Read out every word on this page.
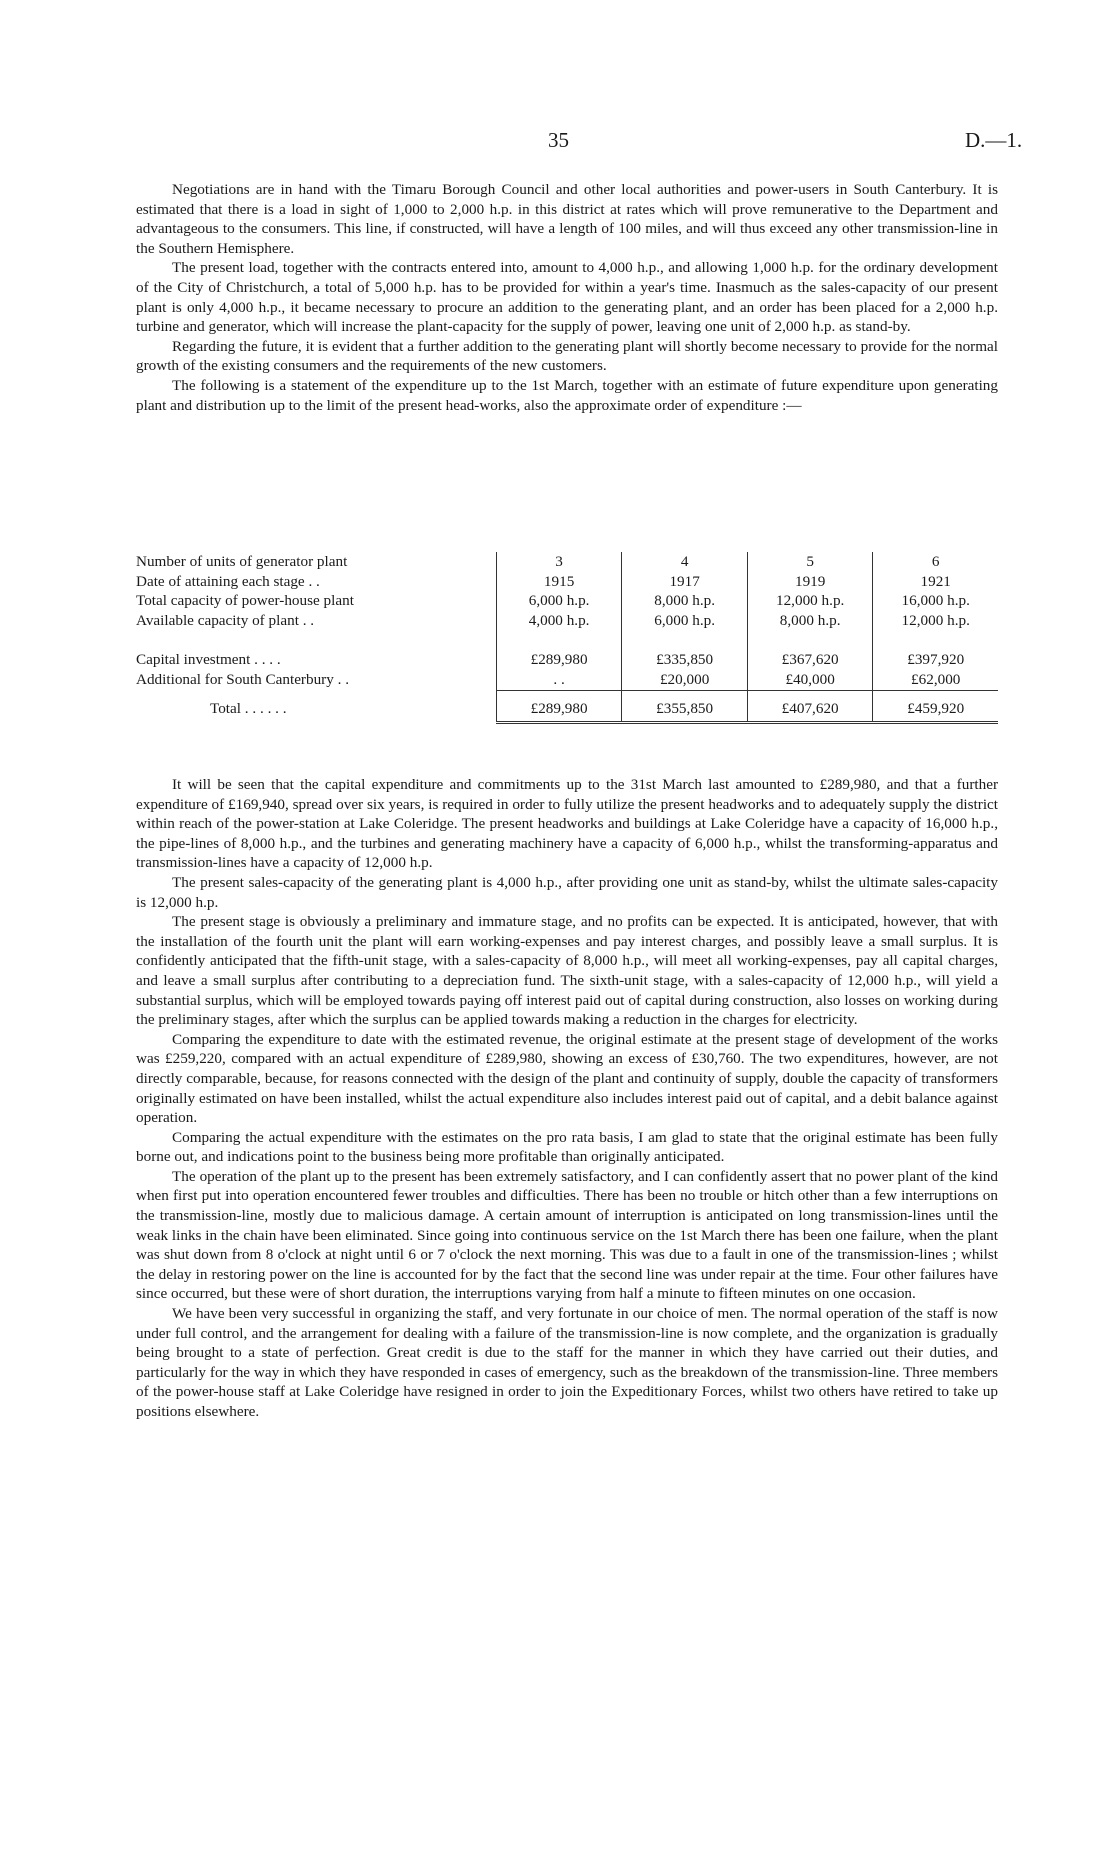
35	D.—1.

Negotiations are in hand with the Timaru Borough Council and other local authorities and power-users in South Canterbury. It is estimated that there is a load in sight of 1,000 to 2,000 h.p. in this district at rates which will prove remunerative to the Department and advantageous to the consumers. This line, if constructed, will have a length of 100 miles, and will thus exceed any other transmission-line in the Southern Hemisphere.

The present load, together with the contracts entered into, amount to 4,000 h.p., and allowing 1,000 h.p. for the ordinary development of the City of Christchurch, a total of 5,000 h.p. has to be provided for within a year's time. Inasmuch as the sales-capacity of our present plant is only 4,000 h.p., it became necessary to procure an addition to the generating plant, and an order has been placed for a 2,000 h.p. turbine and generator, which will increase the plant-capacity for the supply of power, leaving one unit of 2,000 h.p. as stand-by.

Regarding the future, it is evident that a further addition to the generating plant will shortly become necessary to provide for the normal growth of the existing consumers and the requirements of the new customers.

The following is a statement of the expenditure up to the 1st March, together with an estimate of future expenditure upon generating plant and distribution up to the limit of the present head-works, also the approximate order of expenditure :—

Number of units of generator plant	3	4	5	6
Date of attaining each stage . .	1915	1917	1919	1921
Total capacity of power-house plant	6,000 h.p.	8,000 h.p.	12,000 h.p.	16,000 h.p.
Available capacity of plant . .	4,000 h.p.	6,000 h.p.	8,000 h.p.	12,000 h.p.

Capital investment . . . .	£289,980	£335,850	£367,620	£397,920
Additional for South Canterbury . .	. .	£20,000	£40,000	£62,000
Total . . . . . .	£289,980	£355,850	£407,620	£459,920

It will be seen that the capital expenditure and commitments up to the 31st March last amounted to £289,980, and that a further expenditure of £169,940, spread over six years, is required in order to fully utilize the present headworks and to adequately supply the district within reach of the power-station at Lake Coleridge. The present headworks and buildings at Lake Coleridge have a capacity of 16,000 h.p., the pipe-lines of 8,000 h.p., and the turbines and generating machinery have a capacity of 6,000 h.p., whilst the transforming-apparatus and transmission-lines have a capacity of 12,000 h.p.

The present sales-capacity of the generating plant is 4,000 h.p., after providing one unit as stand-by, whilst the ultimate sales-capacity is 12,000 h.p.

The present stage is obviously a preliminary and immature stage, and no profits can be expected. It is anticipated, however, that with the installation of the fourth unit the plant will earn working-expenses and pay interest charges, and possibly leave a small surplus. It is confidently anticipated that the fifth-unit stage, with a sales-capacity of 8,000 h.p., will meet all working-expenses, pay all capital charges, and leave a small surplus after contributing to a depreciation fund. The sixth-unit stage, with a sales-capacity of 12,000 h.p., will yield a substantial surplus, which will be employed towards paying off interest paid out of capital during construction, also losses on working during the preliminary stages, after which the surplus can be applied towards making a reduction in the charges for electricity.

Comparing the expenditure to date with the estimated revenue, the original estimate at the present stage of development of the works was £259,220, compared with an actual expenditure of £289,980, showing an excess of £30,760. The two expenditures, however, are not directly comparable, because, for reasons connected with the design of the plant and continuity of supply, double the capacity of transformers originally estimated on have been installed, whilst the actual expenditure also includes interest paid out of capital, and a debit balance against operation.

Comparing the actual expenditure with the estimates on the pro rata basis, I am glad to state that the original estimate has been fully borne out, and indications point to the business being more profitable than originally anticipated.

The operation of the plant up to the present has been extremely satisfactory, and I can confidently assert that no power plant of the kind when first put into operation encountered fewer troubles and difficulties. There has been no trouble or hitch other than a few interruptions on the transmission-line, mostly due to malicious damage. A certain amount of interruption is anticipated on long transmission-lines until the weak links in the chain have been eliminated. Since going into continuous service on the 1st March there has been one failure, when the plant was shut down from 8 o'clock at night until 6 or 7 o'clock the next morning. This was due to a fault in one of the transmission-lines ; whilst the delay in restoring power on the line is accounted for by the fact that the second line was under repair at the time. Four other failures have since occurred, but these were of short duration, the interruptions varying from half a minute to fifteen minutes on one occasion.

We have been very successful in organizing the staff, and very fortunate in our choice of men. The normal operation of the staff is now under full control, and the arrangement for dealing with a failure of the transmission-line is now complete, and the organization is gradually being brought to a state of perfection. Great credit is due to the staff for the manner in which they have carried out their duties, and particularly for the way in which they have responded in cases of emergency, such as the breakdown of the transmission-line. Three members of the power-house staff at Lake Coleridge have resigned in order to join the Expeditionary Forces, whilst two others have retired to take up positions elsewhere.
